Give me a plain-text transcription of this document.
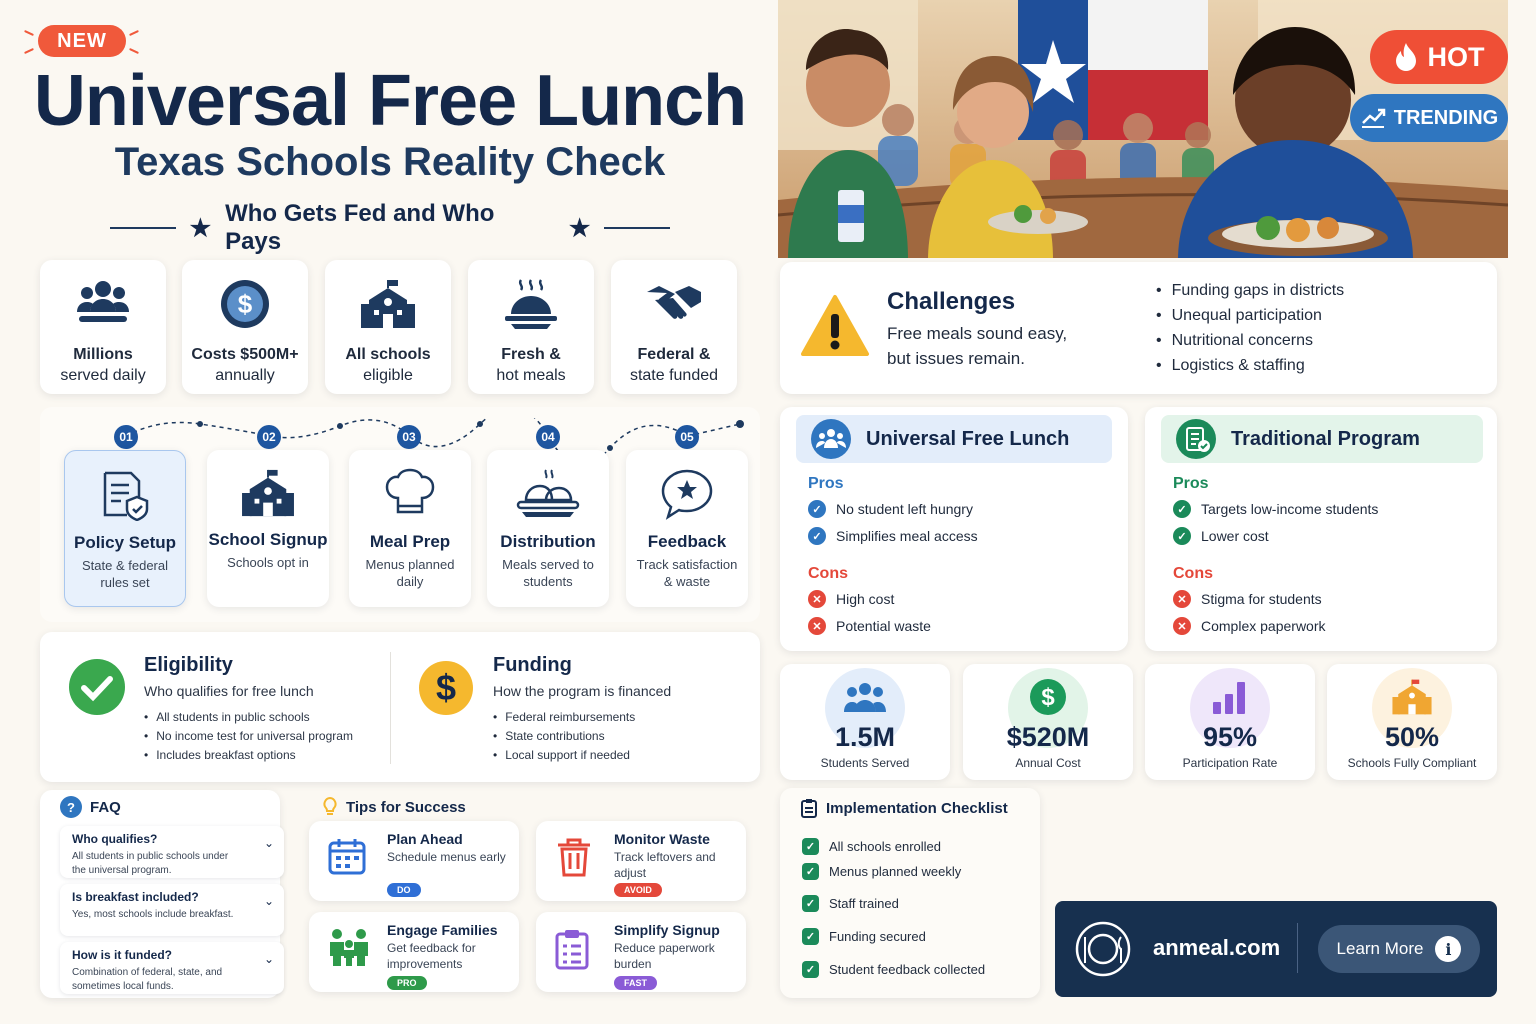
NEW
Universal Free Lunch
Texas Schools Reality Check
★
Who Gets Fed and Who Pays	★
Millions
served daily
$
Costs $500M+
annually
All schools
eligible
Fresh &
hot meals
Federal &
state funded
01	02	03	04	05
Policy Setup
State & federal rules set
School Signup
Schools opt in
Meal Prep
Menus planned daily
Distribution
Meals served to students
Feedback
Track satisfaction & waste
Eligibility
Who qualifies for free lunch
• All students in public schools
• No income test for universal program
• Includes breakfast options
$
Funding
How the program is financed
• Federal reimbursements
• State contributions
• Local support if needed
?	FAQ
Who qualifies?
All students in public schools under the universal program.
⌄
Is breakfast included?
Yes, most schools include breakfast.
⌄
How is it funded?
Combination of federal, state, and sometimes local funds.
⌄
Tips for Success
Plan Ahead
Schedule menus early
DO
Monitor Waste
Track leftovers and adjust
AVOID
Engage Families
Get feedback for improvements
PRO
Simplify Signup
Reduce paperwork burden
FAST
HOT
TRENDING
Challenges
Free meals sound easy,
but issues remain.
• Funding gaps in districts
• Unequal participation
• Nutritional concerns
• Logistics & staffing
Universal Free Lunch
Pros
✓	No student left hungry
✓	Simplifies meal access
Cons
✕	High cost
✕	Potential waste
Traditional Program
Pros
✓	Targets low-income students
✓	Lower cost
Cons
✕	Stigma for students
✕	Complex paperwork
1.5M
Students Served
$
$520M
Annual Cost
95%
Participation Rate
50%
Schools Fully Compliant
Implementation Checklist
✓ All schools enrolled
✓ Menus planned weekly
✓ Staff trained
✓ Funding secured
✓ Student feedback collected
anmeal.com	Learn More	i
